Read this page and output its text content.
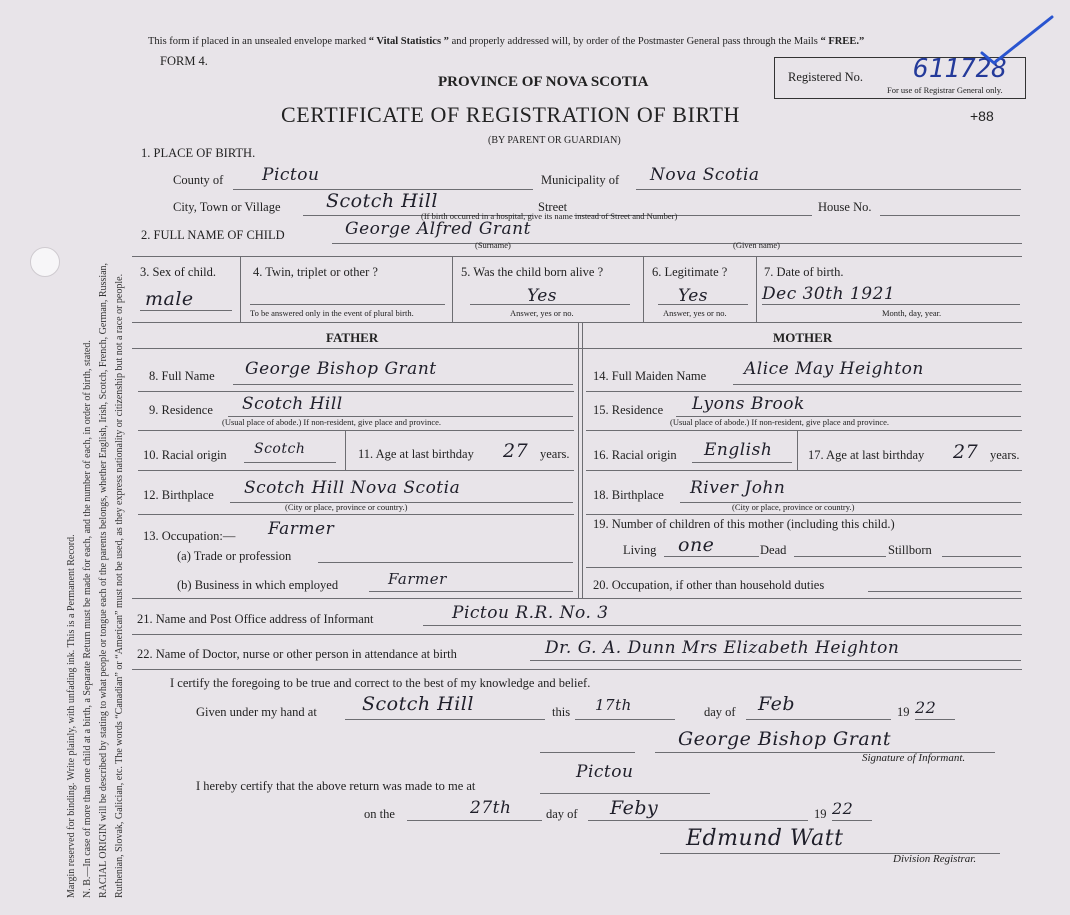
Margin reserved for binding. Write plainly, with unfading ink. This is a Permanent Record. N. B.—In case of more than one child at a birth, a Separate Return must be made for each, and the number of each, in order of birth, stated. RACIAL ORIGIN will be described by stating to what people or tongue each of the parents belongs, whether English, Irish, Scotch, French, German, Russian, Ruthenian, Slovak, Galician, etc. The words “Canadian” or “American” must not be used, as they express nationality or citizenship but not a race or people.
This form if placed in an unsealed envelope marked “ Vital Statistics ” and properly addressed will, by order of the Postmaster General pass through the Mails “ FREE.”
FORM 4.
PROVINCE OF NOVA SCOTIA
CERTIFICATE OF REGISTRATION OF BIRTH
(BY PARENT OR GUARDIAN)
Registered No. 611728
For use of Registrar General only.
+88
1. PLACE OF BIRTH.
County of Pictou	Municipality of Nova Scotia
City, Town or Village Scotch Hill	Street	House No.
(If birth occurred in a hospital, give its name instead of Street and Number)
2. FULL NAME OF CHILD	George Alfred Grant
(Surname)	(Given name)
3. Sex of child.
male
4. Twin, triplet or other ?
To be answered only in the event of plural birth.
5. Was the child born alive ?
Yes
Answer, yes or no.
6. Legitimate ?
Yes
Answer, yes or no.
7. Date of birth.
Dec 30th 1921
Month, day, year.
FATHER	MOTHER
8. Full Name George Bishop Grant
9. Residence Scotch Hill
(Usual place of abode.) If non-resident, give place and province.
10. Racial origin Scotch	11. Age at last birthday 27 years.
12. Birthplace Scotch Hill Nova Scotia
(City or place, province or country.)
13. Occupation:— Farmer
(a) Trade or profession
(b) Business in which employed	Farmer
14. Full Maiden Name Alice May Heighton
15. Residence Lyons Brook
(Usual place of abode.) If non-resident, give place and province.
16. Racial origin English	17. Age at last birthday 27 years.
18. Birthplace River John
(City or place, province or country.)
19. Number of children of this mother (including this child.)
Living one	Dead	Stillborn
20. Occupation, if other than household duties
21. Name and Post Office address of Informant	Pictou R.R. No. 3
22. Name of Doctor, nurse or other person in attendance at birth	Dr. G. A. Dunn Mrs Elizabeth Heighton
I certify the foregoing to be true and correct to the best of my knowledge and belief.
Given under my hand at Scotch Hill	this 17th	day of Feb	19 22
George Bishop Grant
Signature of Informant.
I hereby certify that the above return was made to me at
Pictou
on the	27th	day of Feby	19 22
Edmund Watt
Division Registrar.
